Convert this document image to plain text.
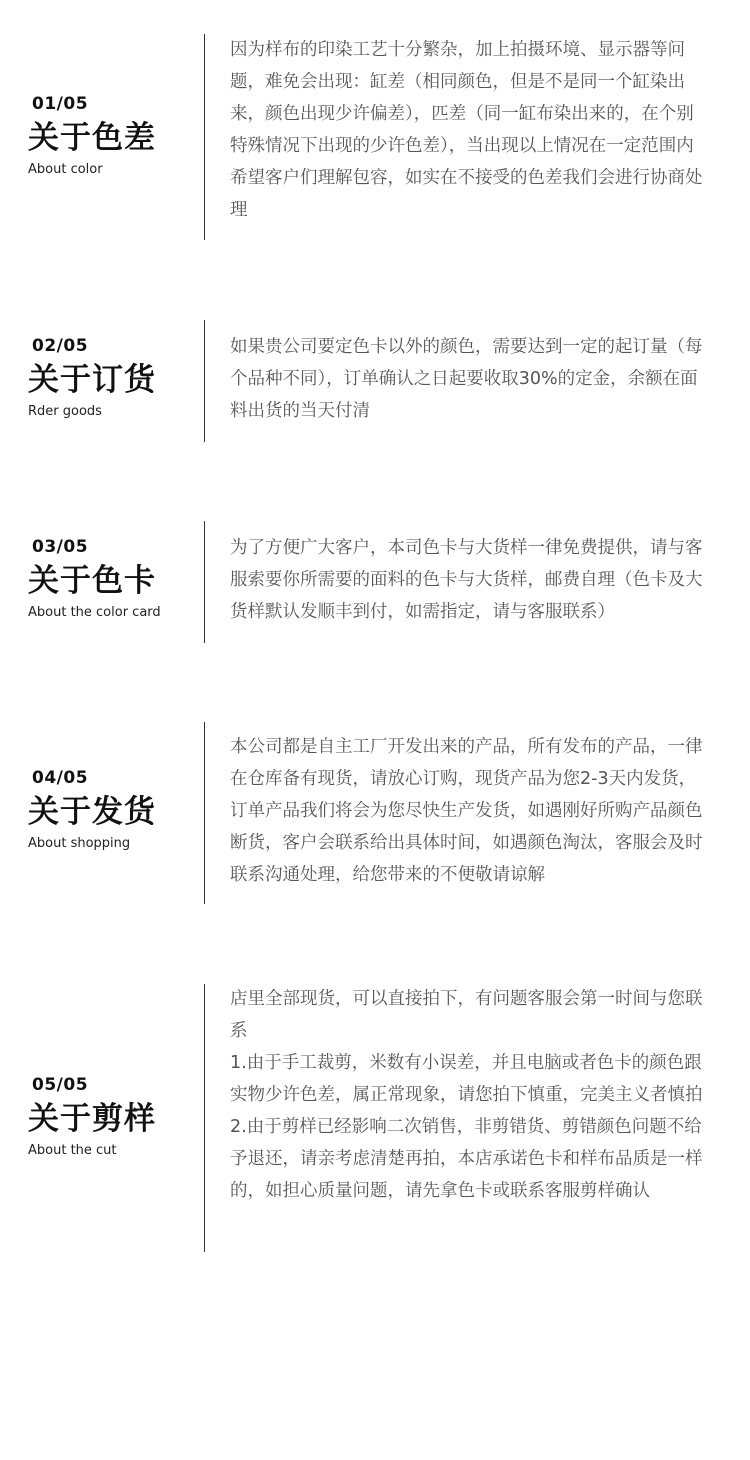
01/05
关于色差
About color
因为样布的印染工艺十分繁杂，加上拍摄环境、显示器等问题，难免会出现：缸差（相同颜色，但是不是同一个缸染出来，颜色出现少许偏差），匹差（同一缸布染出来的，在个别特殊情况下出现的少许色差），当出现以上情况在一定范围内希望客户们理解包容，如实在不接受的色差我们会进行协商处理
02/05
关于订货
Rder goods
如果贵公司要定色卡以外的颜色，需要达到一定的起订量（每个品种不同），订单确认之日起要收取30%的定金，余额在面料出货的当天付清
03/05
关于色卡
About the color card
为了方便广大客户，本司色卡与大货样一律免费提供，请与客服索要你所需要的面料的色卡与大货样，邮费自理（色卡及大货样默认发顺丰到付，如需指定，请与客服联系）
04/05
关于发货
About shopping
本公司都是自主工厂开发出来的产品，所有发布的产品，一律在仓库备有现货，请放心订购，现货产品为您2-3天内发货，订单产品我们将会为您尽快生产发货，如遇刚好所购产品颜色断货，客户会联系给出具体时间，如遇颜色淘汰，客服会及时联系沟通处理，给您带来的不便敬请谅解
05/05
关于剪样
About the cut
店里全部现货，可以直接拍下，有问题客服会第一时间与您联系
1.由于手工裁剪，米数有小误差，并且电脑或者色卡的颜色跟实物少许色差，属正常现象，请您拍下慎重，完美主义者慎拍
2.由于剪样已经影响二次销售，非剪错货、剪错颜色问题不给予退还，请亲考虑清楚再拍，本店承诺色卡和样布品质是一样的，如担心质量问题，请先拿色卡或联系客服剪样确认
